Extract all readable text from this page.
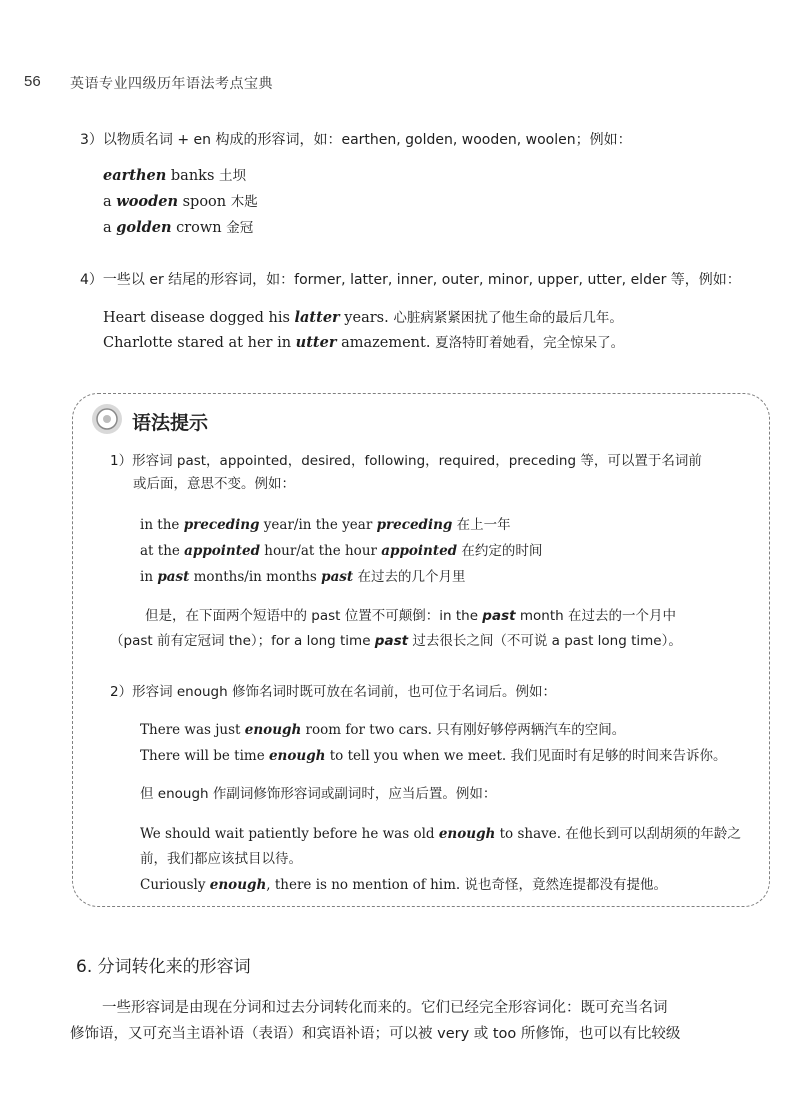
56 英语专业四级历年语法考点宝典
3）以物质名词 + en 构成的形容词，如：earthen, golden, wooden, woolen；例如：
earthen banks 土坝
a wooden spoon 木匙
a golden crown 金冠
4）一些以 er 结尾的形容词，如：former, latter, inner, outer, minor, upper, utter, elder 等，例如：
Heart disease dogged his latter years. 心脏病紧紧困扰了他生命的最后几年。
Charlotte stared at her in utter amazement. 夏洛特盯着她看，完全惊呆了。
语法提示
1）形容词 past，appointed，desired，following，required，preceding 等，可以置于名词前
或后面，意思不变。例如：
in the preceding year/in the year preceding 在上一年
at the appointed hour/at the hour appointed 在约定的时间
in past months/in months past 在过去的几个月里
但是，在下面两个短语中的 past 位置不可颠倒：in the past month 在过去的一个月中
（past 前有定冠词 the）；for a long time past 过去很长之间（不可说 a past long time）。
2）形容词 enough 修饰名词时既可放在名词前，也可位于名词后。例如：
There was just enough room for two cars. 只有刚好够停两辆汽车的空间。
There will be time enough to tell you when we meet. 我们见面时有足够的时间来告诉你。
但 enough 作副词修饰形容词或副词时，应当后置。例如：
We should wait patiently before he was old enough to shave. 在他长到可以刮胡须的年龄之
前，我们都应该拭目以待。
Curiously enough, there is no mention of him. 说也奇怪，竟然连提都没有提他。
6. 分词转化来的形容词
一些形容词是由现在分词和过去分词转化而来的。它们已经完全形容词化：既可充当名词
修饰语，又可充当主语补语（表语）和宾语补语；可以被 very 或 too 所修饰，也可以有比较级
